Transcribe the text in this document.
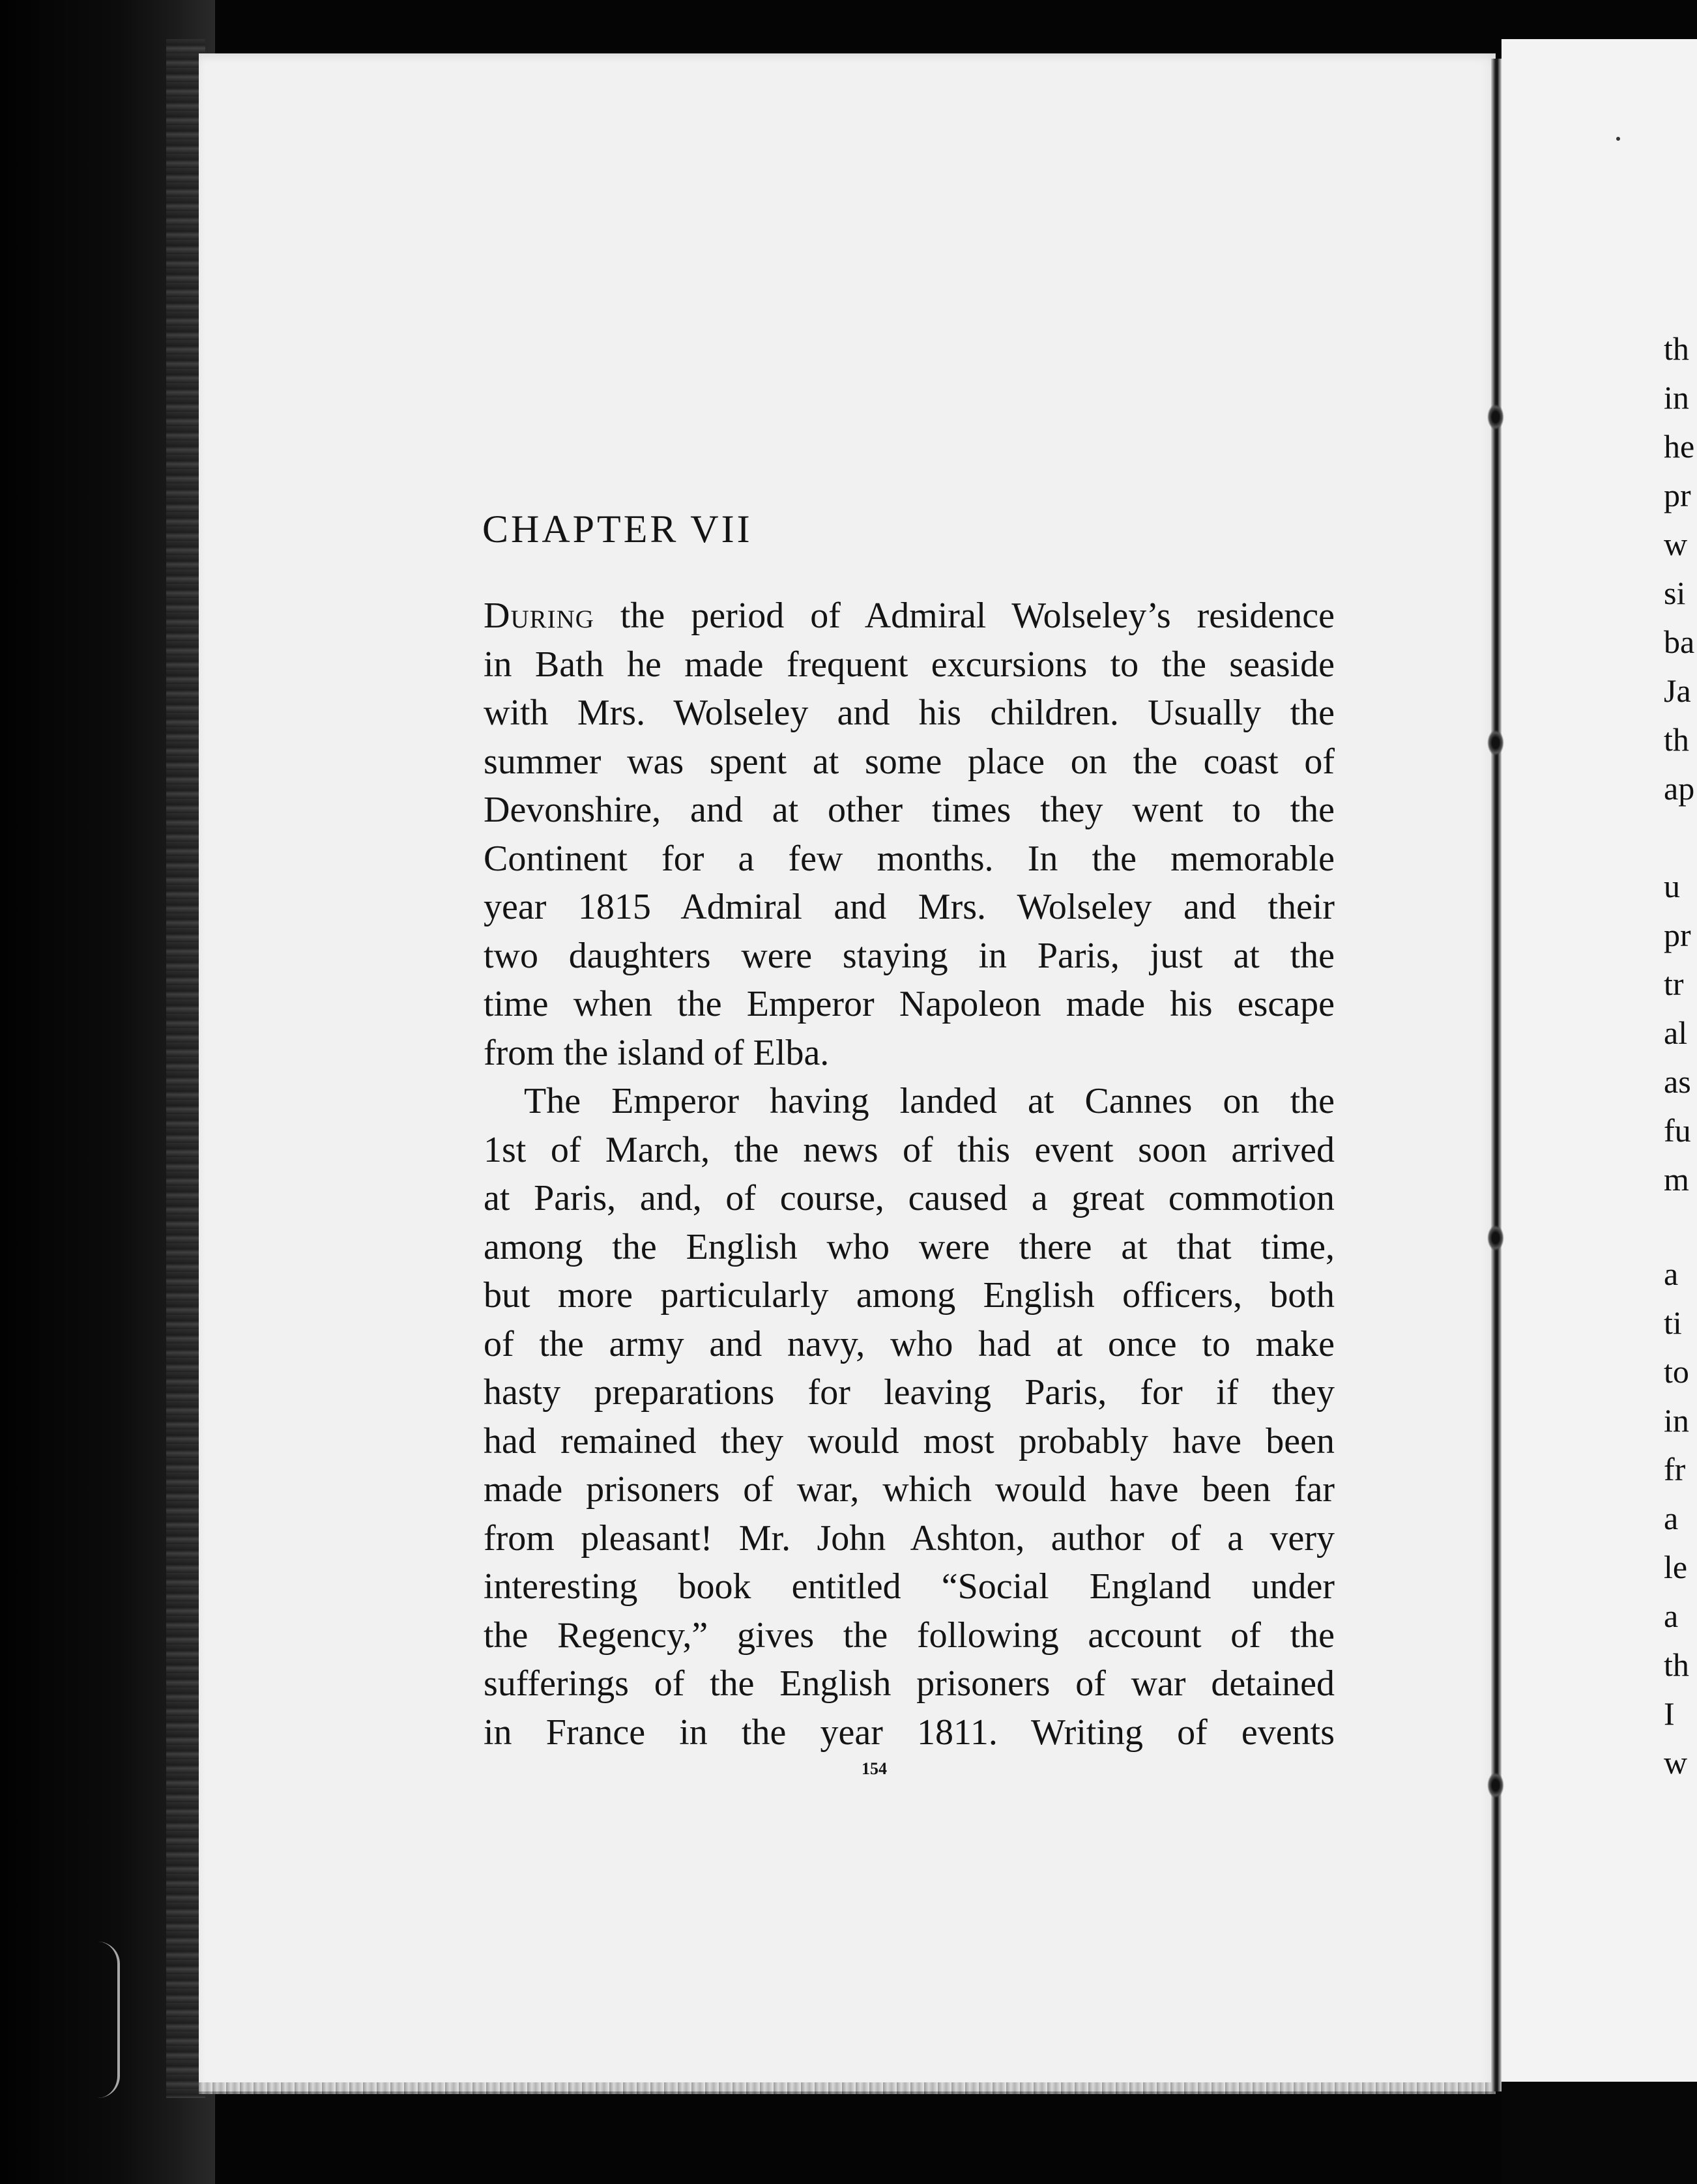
th
in
he
pr
w
si
ba
Ja
th
ap
u
pr
tr
al
as
fu
m
a
ti
to
in
fr
a
le
a
th
I
w
CHAPTER VII
During the period of Admiral Wolseley’s residence
in Bath he made frequent excursions to the seaside
with Mrs. Wolseley and his children. Usually the
summer was spent at some place on the coast of
Devonshire, and at other times they went to the
Continent for a few months. In the memorable
year 1815 Admiral and Mrs. Wolseley and their
two daughters were staying in Paris, just at the
time when the Emperor Napoleon made his escape
from the island of Elba.
The Emperor having landed at Cannes on the
1st of March, the news of this event soon arrived
at Paris, and, of course, caused a great commotion
among the English who were there at that time,
but more particularly among English officers, both
of the army and navy, who had at once to make
hasty preparations for leaving Paris, for if they
had remained they would most probably have been
made prisoners of war, which would have been far
from pleasant! Mr. John Ashton, author of a very
interesting book entitled “Social England under
the Regency,” gives the following account of the
sufferings of the English prisoners of war detained
in France in the year 1811. Writing of events
154
